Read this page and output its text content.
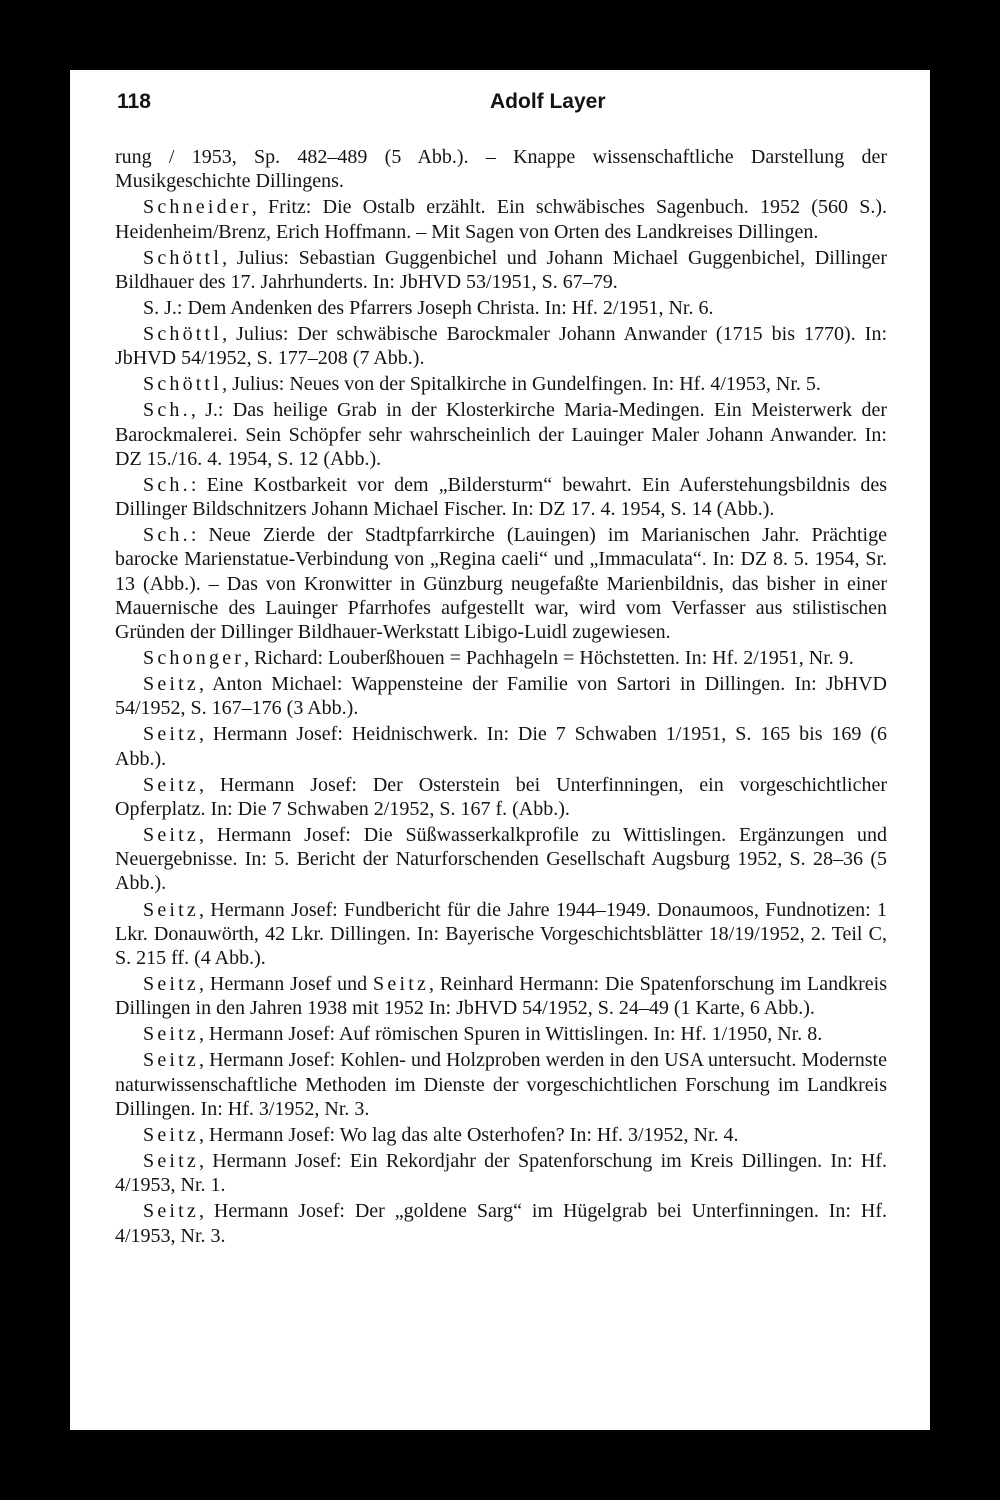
118	Adolf Layer

rung / 1953, Sp. 482–489 (5 Abb.). – Knappe wissenschaftliche Darstellung der Musikgeschichte Dillingens.

Schneider, Fritz: Die Ostalb erzählt. Ein schwäbisches Sagenbuch. 1952 (560 S.). Heidenheim/Brenz, Erich Hoffmann. – Mit Sagen von Orten des Landkreises Dillingen.

Schöttl, Julius: Sebastian Guggenbichel und Johann Michael Guggenbichel, Dillinger Bildhauer des 17. Jahrhunderts. In: JbHVD 53/1951, S. 67–79.

S. J.: Dem Andenken des Pfarrers Joseph Christa. In: Hf. 2/1951, Nr. 6.

Schöttl, Julius: Der schwäbische Barockmaler Johann Anwander (1715 bis 1770). In: JbHVD 54/1952, S. 177–208 (7 Abb.).

Schöttl, Julius: Neues von der Spitalkirche in Gundelfingen. In: Hf. 4/1953, Nr. 5.

Sch., J.: Das heilige Grab in der Klosterkirche Maria-Medingen. Ein Meisterwerk der Barockmalerei. Sein Schöpfer sehr wahrscheinlich der Lauinger Maler Johann Anwander. In: DZ 15./16. 4. 1954, S. 12 (Abb.).

Sch.: Eine Kostbarkeit vor dem „Bildersturm“ bewahrt. Ein Auferstehungsbildnis des Dillinger Bildschnitzers Johann Michael Fischer. In: DZ 17. 4. 1954, S. 14 (Abb.).

Sch.: Neue Zierde der Stadtpfarrkirche (Lauingen) im Marianischen Jahr. Prächtige barocke Marienstatue-Verbindung von „Regina caeli“ und „Immaculata“. In: DZ 8. 5. 1954, Sr. 13 (Abb.). – Das von Kronwitter in Günzburg neugefaßte Marienbildnis, das bisher in einer Mauernische des Lauinger Pfarrhofes aufgestellt war, wird vom Verfasser aus stilistischen Gründen der Dillinger Bildhauer-Werkstatt Libigo-Luidl zugewiesen.

Schonger, Richard: Louberßhouen = Pachhageln = Höchstetten. In: Hf. 2/1951, Nr. 9.

Seitz, Anton Michael: Wappensteine der Familie von Sartori in Dillingen. In: JbHVD 54/1952, S. 167–176 (3 Abb.).

Seitz, Hermann Josef: Heidnischwerk. In: Die 7 Schwaben 1/1951, S. 165 bis 169 (6 Abb.).

Seitz, Hermann Josef: Der Osterstein bei Unterfinningen, ein vorgeschichtlicher Opferplatz. In: Die 7 Schwaben 2/1952, S. 167 f. (Abb.).

Seitz, Hermann Josef: Die Süßwasserkalkprofile zu Wittislingen. Ergänzungen und Neuergebnisse. In: 5. Bericht der Naturforschenden Gesellschaft Augsburg 1952, S. 28–36 (5 Abb.).

Seitz, Hermann Josef: Fundbericht für die Jahre 1944–1949. Donaumoos, Fundnotizen: 1 Lkr. Donauwörth, 42 Lkr. Dillingen. In: Bayerische Vorgeschichtsblätter 18/19/1952, 2. Teil C, S. 215 ff. (4 Abb.).

Seitz, Hermann Josef und Seitz, Reinhard Hermann: Die Spatenforschung im Landkreis Dillingen in den Jahren 1938 mit 1952 In: JbHVD 54/1952, S. 24–49 (1 Karte, 6 Abb.).

Seitz, Hermann Josef: Auf römischen Spuren in Wittislingen. In: Hf. 1/1950, Nr. 8.

Seitz, Hermann Josef: Kohlen- und Holzproben werden in den USA untersucht. Modernste naturwissenschaftliche Methoden im Dienste der vorgeschichtlichen Forschung im Landkreis Dillingen. In: Hf. 3/1952, Nr. 3.

Seitz, Hermann Josef: Wo lag das alte Osterhofen? In: Hf. 3/1952, Nr. 4.

Seitz, Hermann Josef: Ein Rekordjahr der Spatenforschung im Kreis Dillingen. In: Hf. 4/1953, Nr. 1.

Seitz, Hermann Josef: Der „goldene Sarg“ im Hügelgrab bei Unterfinningen. In: Hf. 4/1953, Nr. 3.
